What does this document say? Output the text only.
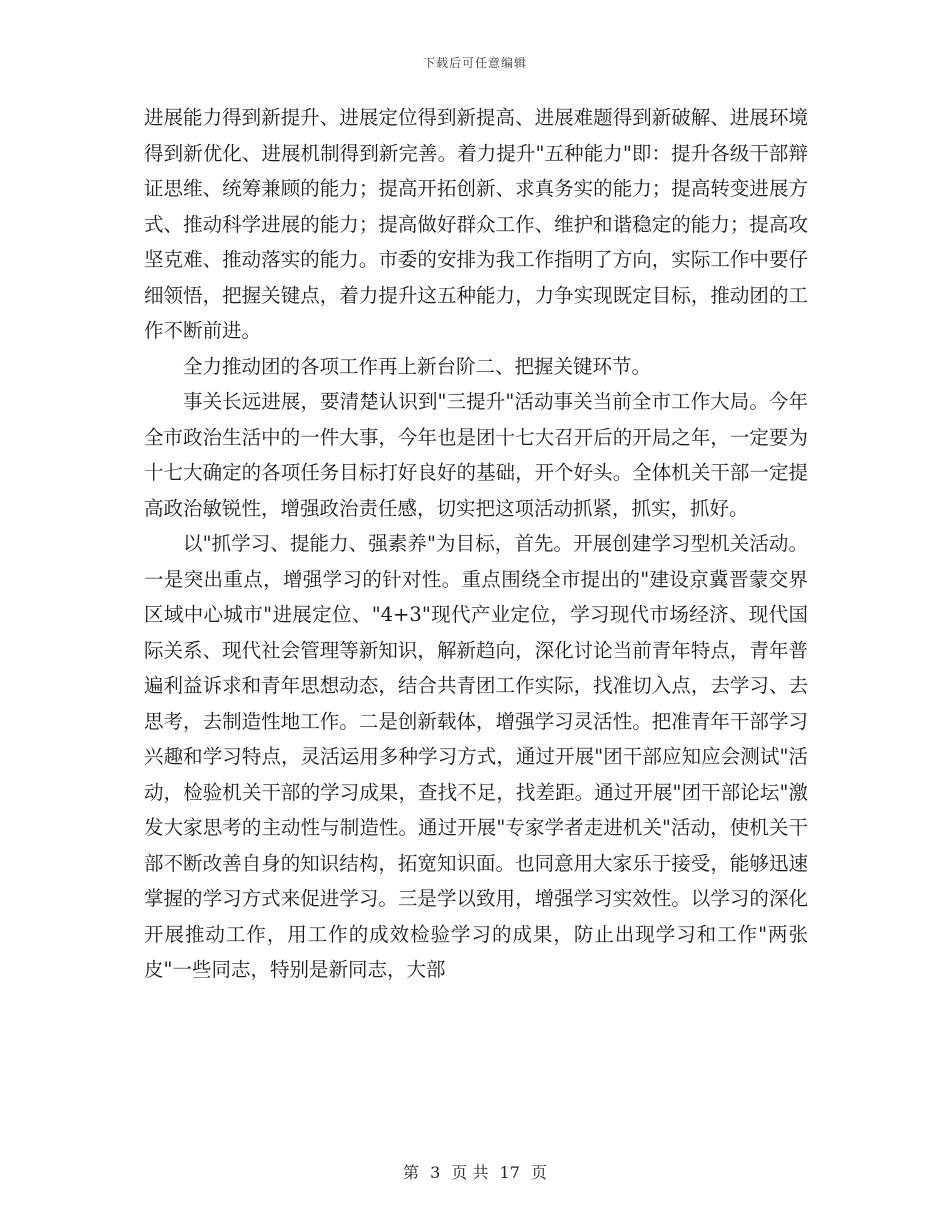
下载后可任意编辑

进展能力得到新提升、进展定位得到新提高、进展难题得到新破解、进展环境得到新优化、进展机制得到新完善。着力提升"五种能力"即：提升各级干部辩证思维、统筹兼顾的能力；提高开拓创新、求真务实的能力；提高转变进展方式、推动科学进展的能力；提高做好群众工作、维护和谐稳定的能力；提高攻坚克难、推动落实的能力。市委的安排为我工作指明了方向，实际工作中要仔细领悟，把握关键点，着力提升这五种能力，力争实现既定目标，推动团的工作不断前进。

全力推动团的各项工作再上新台阶二、把握关键环节。

事关长远进展，要清楚认识到"三提升"活动事关当前全市工作大局。今年全市政治生活中的一件大事，今年也是团十七大召开后的开局之年，一定要为十七大确定的各项任务目标打好良好的基础，开个好头。全体机关干部一定提高政治敏锐性，增强政治责任感，切实把这项活动抓紧，抓实，抓好。

以"抓学习、提能力、强素养"为目标，首先。开展创建学习型机关活动。一是突出重点，增强学习的针对性。重点围绕全市提出的"建设京冀晋蒙交界区域中心城市"进展定位、"4+3"现代产业定位，学习现代市场经济、现代国际关系、现代社会管理等新知识，解新趋向，深化讨论当前青年特点，青年普遍利益诉求和青年思想动态，结合共青团工作实际，找准切入点，去学习、去思考，去制造性地工作。二是创新载体，增强学习灵活性。把准青年干部学习兴趣和学习特点，灵活运用多种学习方式，通过开展"团干部应知应会测试"活动，检验机关干部的学习成果，查找不足，找差距。通过开展"团干部论坛"激发大家思考的主动性与制造性。通过开展"专家学者走进机关"活动，使机关干部不断改善自身的知识结构，拓宽知识面。也同意用大家乐于接受，能够迅速掌握的学习方式来促进学习。三是学以致用，增强学习实效性。以学习的深化开展推动工作，用工作的成效检验学习的成果，防止出现学习和工作"两张皮"一些同志，特别是新同志，大部

第 3 页 共 17 页
